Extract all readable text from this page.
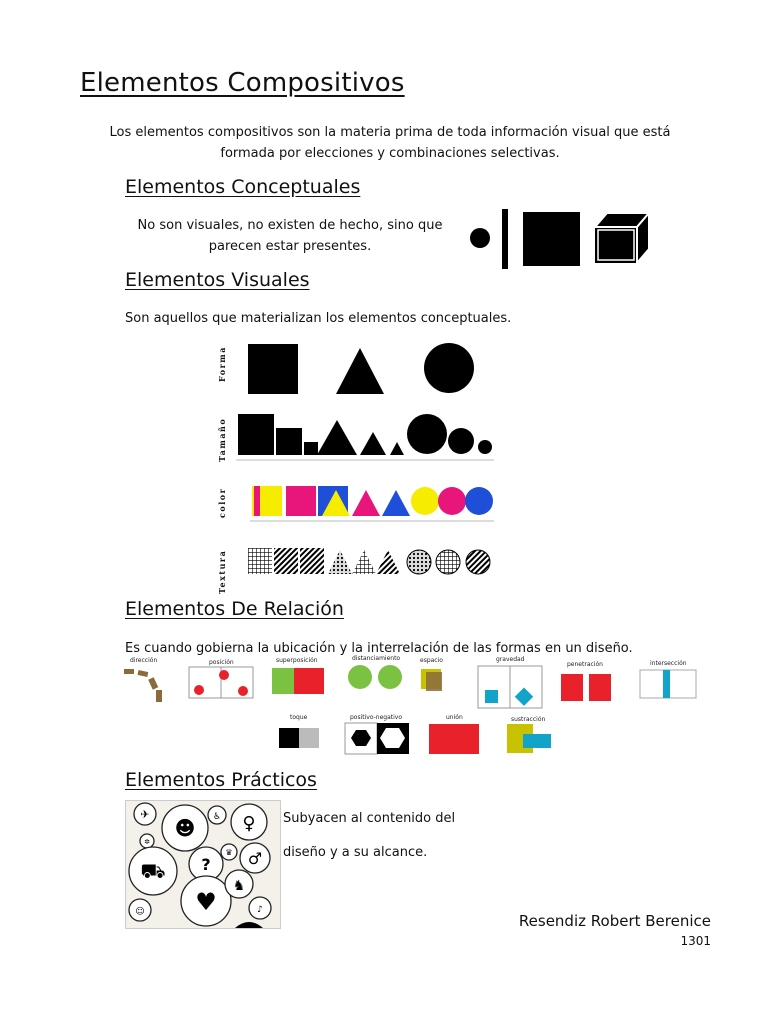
Elementos Compositivos
Los elementos compositivos son la materia prima de toda información visual que está
formada por elecciones y combinaciones selectivas.
Elementos Conceptuales
No son visuales, no existen de hecho, sino que
parecen estar presentes.
Elementos Visuales
Son aquellos que materializan los elementos conceptuales.
Forma
Tamaño
color
Textura
Elementos De Relación
Es cuando gobierna la ubicación y la interrelación de las formas en un diseño.
dirección	posición	superposición	distanciamiento	espacio	gravedad
penetración	intersección
toque	positivo-negativo	unión	sustracción
Elementos Prácticos
✈
☻ ♿ ♀
✲
⛟ ?
♛ ♂
♥
♞
☺	♪
Subyacen al contenido del
diseño y a su alcance.
Resendiz Robert Berenice
1301
